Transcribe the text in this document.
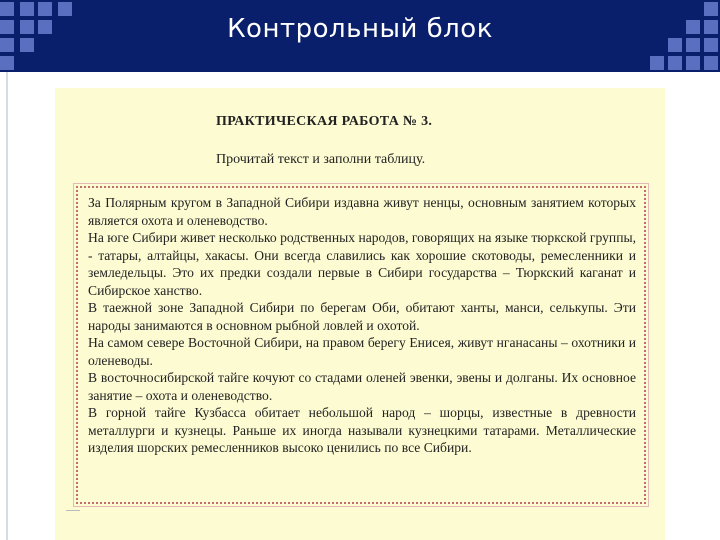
Контрольный блок
ПРАКТИЧЕСКАЯ РАБОТА № 3.
Прочитай текст и заполни таблицу.

За Полярным кругом в Западной Сибири издавна живут ненцы, основным занятием которых является охота и оленеводство.

На юге Сибири живет несколько родственных народов, говорящих на языке тюркской группы, - татары, алтайцы, хакасы. Они всегда славились как хорошие скотоводы, ремесленники и земледельцы. Это их предки создали первые в Сибири государства – Тюркский каганат и Сибирское ханство.

В таежной зоне Западной Сибири по берегам Оби, обитают ханты, манси, селькупы. Эти народы занимаются в основном рыбной ловлей и охотой.

На самом севере Восточной Сибири, на правом берегу Енисея, живут нганасаны – охотники и оленеводы.

В восточносибирской тайге кочуют со стадами оленей эвенки, эвены и долганы. Их основное занятие – охота и оленеводство.

В горной тайге Кузбасса обитает небольшой народ – шорцы, известные в древности металлурги и кузнецы. Раньше их иногда называли кузнецкими татарами. Металлические изделия шорских ремесленников высоко ценились по все Сибири.
